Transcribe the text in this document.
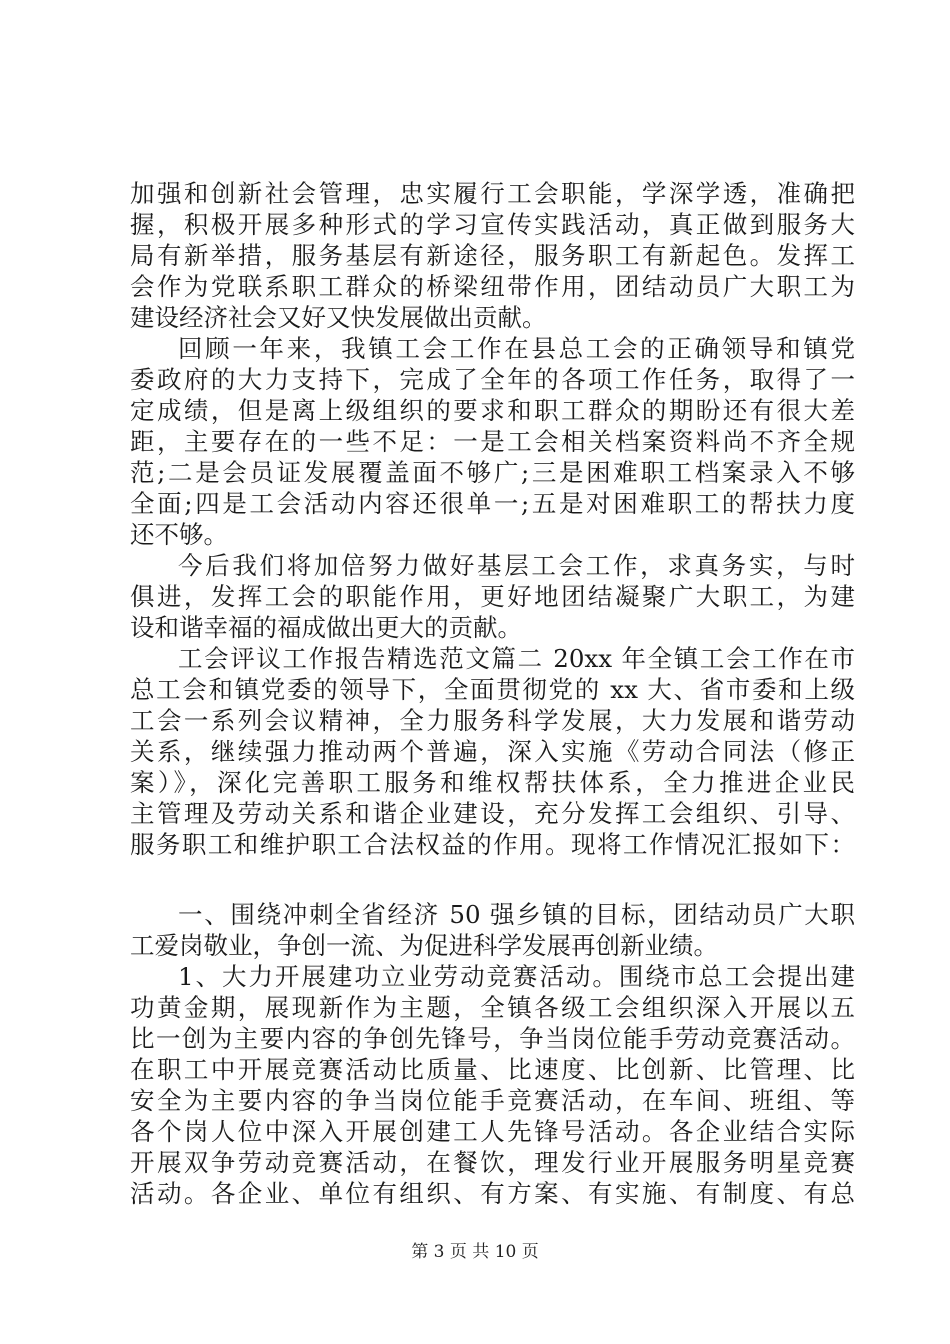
加强和创新社会管理，忠实履行工会职能，学深学透，准确把
握，积极开展多种形式的学习宣传实践活动，真正做到服务大
局有新举措，服务基层有新途径，服务职工有新起色。发挥工
会作为党联系职工群众的桥梁纽带作用，团结动员广大职工为
建设经济社会又好又快发展做出贡献。
回顾一年来，我镇工会工作在县总工会的正确领导和镇党
委政府的大力支持下，完成了全年的各项工作任务，取得了一
定成绩，但是离上级组织的要求和职工群众的期盼还有很大差
距，主要存在的一些不足：一是工会相关档案资料尚不齐全规
范;二是会员证发展覆盖面不够广;三是困难职工档案录入不够
全面;四是工会活动内容还很单一;五是对困难职工的帮扶力度
还不够。
今后我们将加倍努力做好基层工会工作，求真务实，与时
俱进，发挥工会的职能作用，更好地团结凝聚广大职工，为建
设和谐幸福的福成做出更大的贡献。
工会评议工作报告精选范文篇二 20xx 年全镇工会工作在市
总工会和镇党委的领导下，全面贯彻党的 xx 大、省市委和上级
工会一系列会议精神，全力服务科学发展，大力发展和谐劳动
关系，继续强力推动两个普遍，深入实施《劳动合同法（修正
案）》，深化完善职工服务和维权帮扶体系，全力推进企业民
主管理及劳动关系和谐企业建设，充分发挥工会组织、引导、
服务职工和维护职工合法权益的作用。现将工作情况汇报如下：
一、围绕冲刺全省经济 50 强乡镇的目标，团结动员广大职
工爱岗敬业，争创一流、为促进科学发展再创新业绩。
1、大力开展建功立业劳动竞赛活动。围绕市总工会提出建
功黄金期，展现新作为主题，全镇各级工会组织深入开展以五
比一创为主要内容的争创先锋号，争当岗位能手劳动竞赛活动。
在职工中开展竞赛活动比质量、比速度、比创新、比管理、比
安全为主要内容的争当岗位能手竞赛活动，在车间、班组、等
各个岗人位中深入开展创建工人先锋号活动。各企业结合实际
开展双争劳动竞赛活动，在餐饮，理发行业开展服务明星竞赛
活动。各企业、单位有组织、有方案、有实施、有制度、有总
第 3 页 共 10 页
